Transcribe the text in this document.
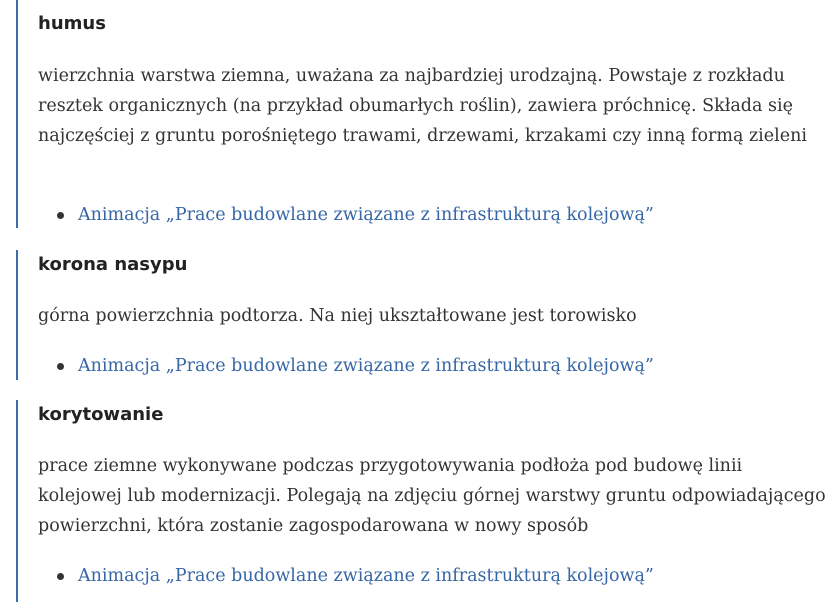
humus

wierzchnia warstwa ziemna, uważana za najbardziej urodzajną. Powstaje z rozkładu resztek organicznych (na przykład obumarłych roślin), zawiera próchnicę. Składa się najczęściej z gruntu porośniętego trawami, drzewami, krzakami czy inną formą zieleni

Animacja „Prace budowlane związane z infrastrukturą kolejową”
korona nasypu

górna powierzchnia podtorza. Na niej ukształtowane jest torowisko

Animacja „Prace budowlane związane z infrastrukturą kolejową”
korytowanie

prace ziemne wykonywane podczas przygotowywania podłoża pod budowę linii kolejowej lub modernizacji. Polegają na zdjęciu górnej warstwy gruntu odpowiadającego powierzchni, która zostanie zagospodarowana w nowy sposób

Animacja „Prace budowlane związane z infrastrukturą kolejową”
